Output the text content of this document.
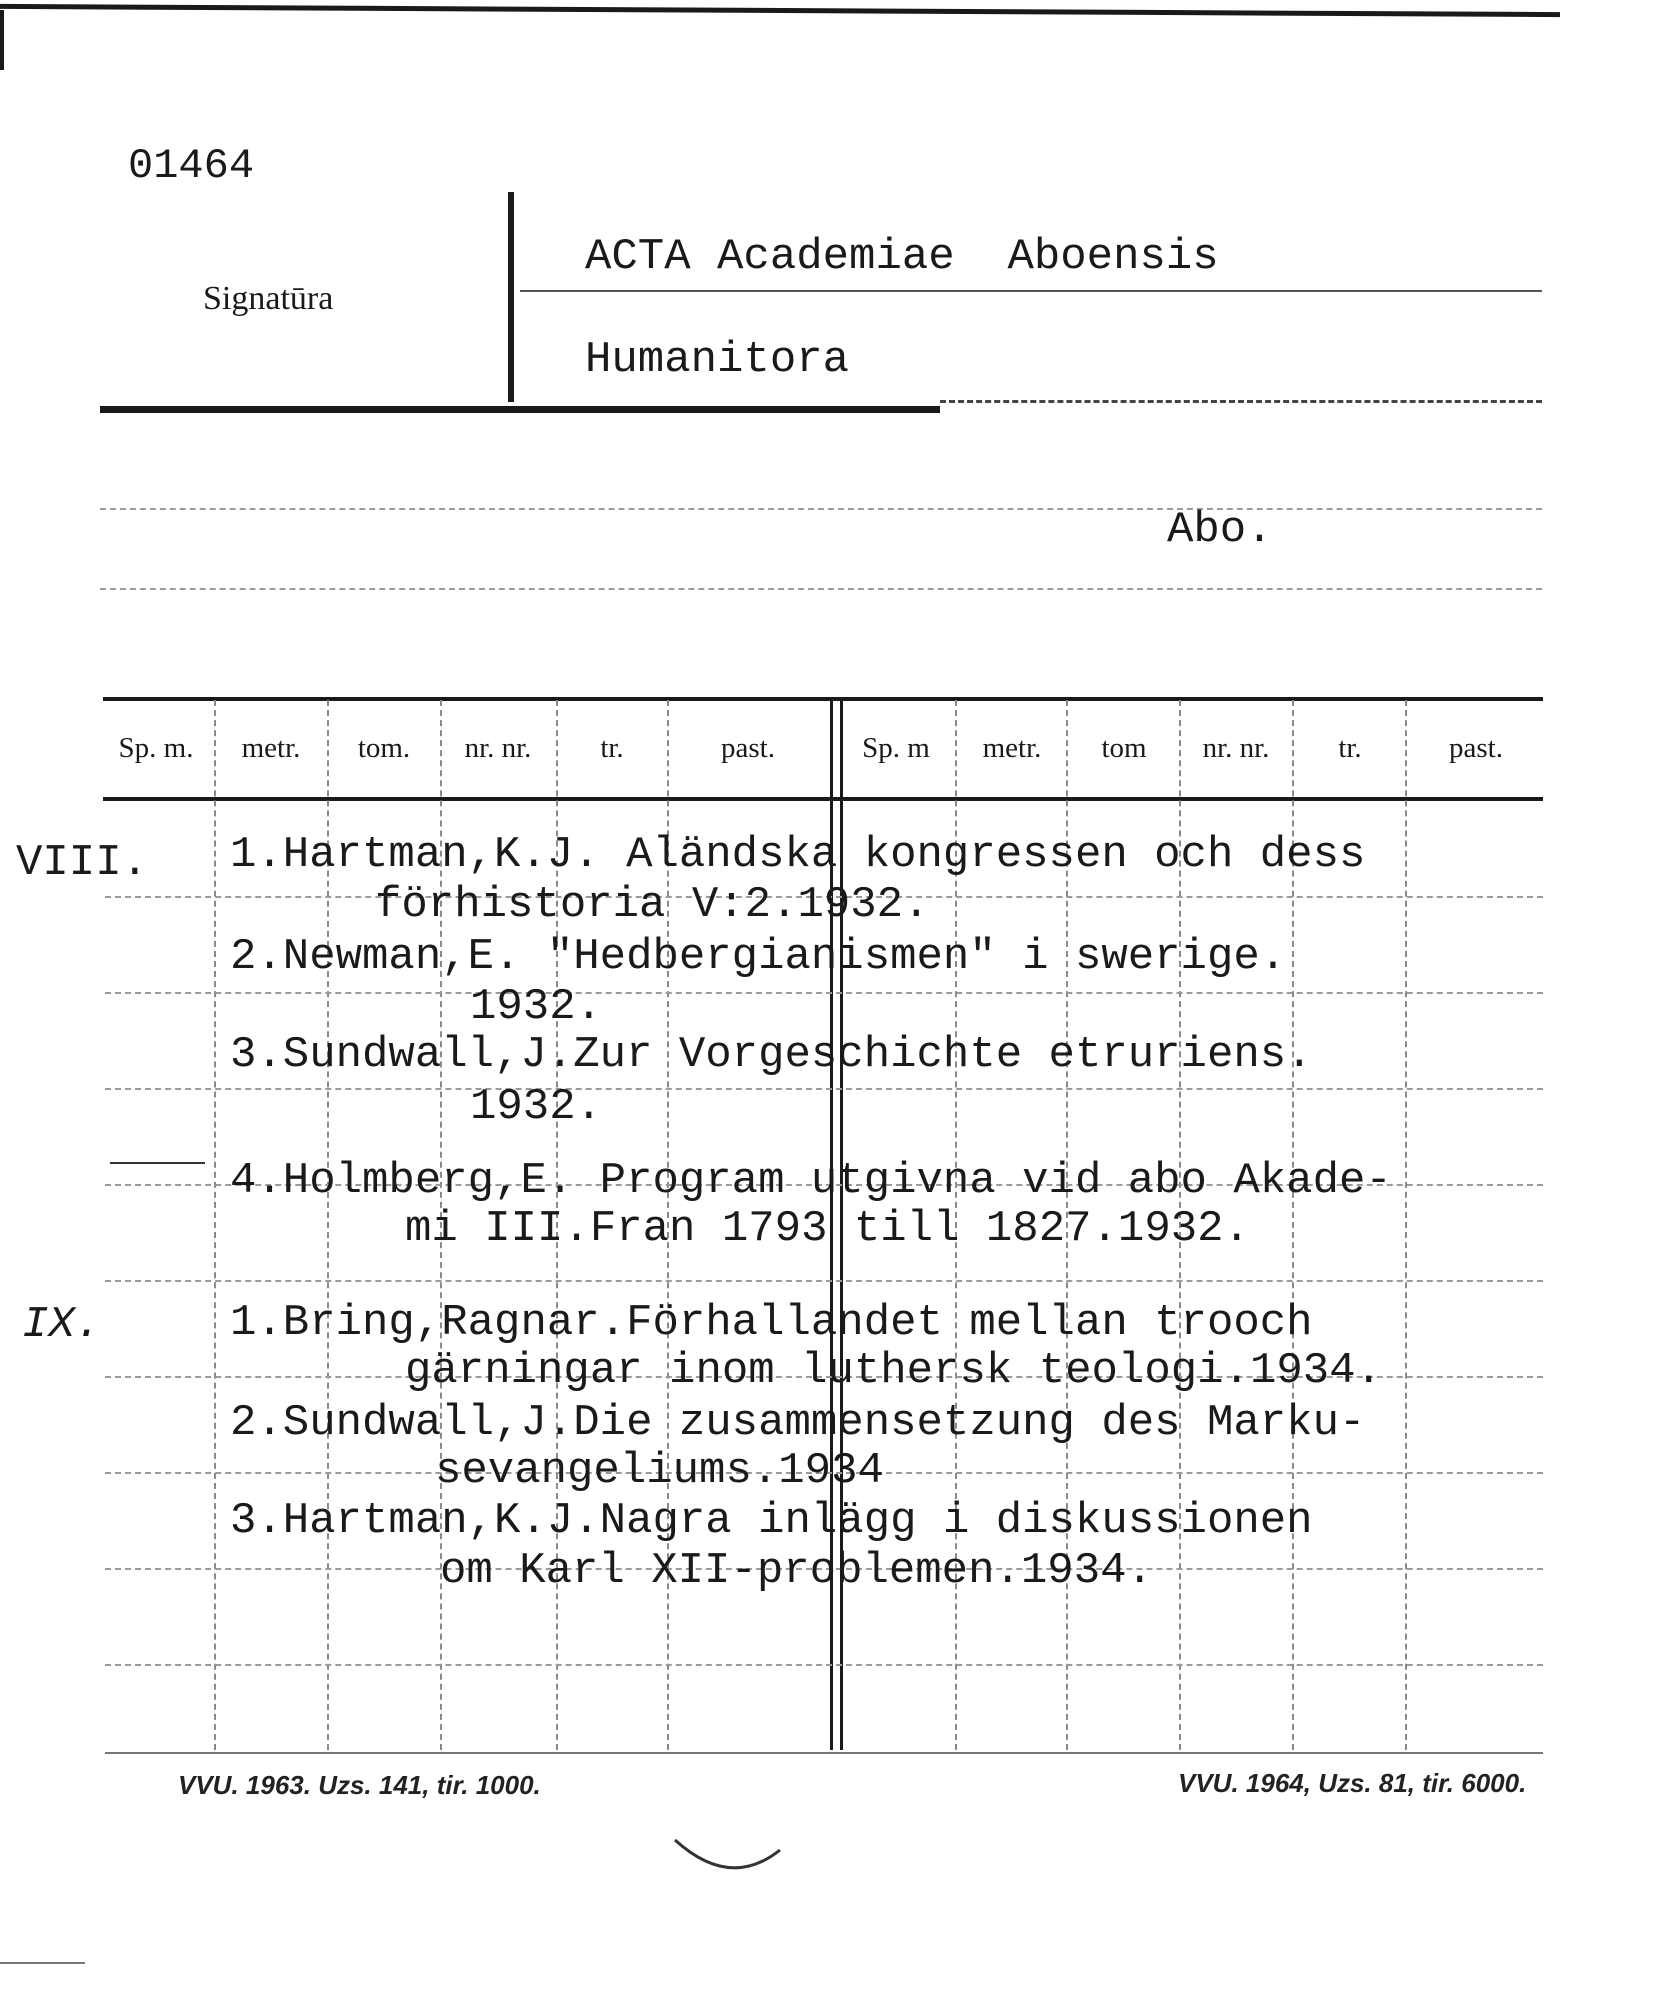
01464
Signatūra
ACTA Academiae  Aboensis
Humanitora
Abo.
Sp. m.	metr.	tom.	nr. nr.	tr.	past.	Sp. m	metr.	tom	nr. nr.	tr.	past.
VIII. 1.Hartman,K.J. Aländska kongressen och dess
förhistoria V:2.1932.
2.Newman,E. "Hedbergianismen" i swerige.
1932.
3.Sundwall,J.Zur Vorgeschichte etruriens.
1932.
4.Holmberg,E. Program utgivna vid abo Akade-
mi III.Fran 1793 till 1827.1932.
IX.	1.Bring,Ragnar.Förhallandet mellan trooch
gärningar inom luthersk teologi.1934.
2.Sundwall,J.Die zusammensetzung des Marku-
sevangeliums.1934
3.Hartman,K.J.Nagra inlägg i diskussionen
om Karl XII-problemen.1934.
VVU. 1963. Uzs. 141, tir. 1000.	VVU. 1964, Uzs. 81, tir. 6000.
